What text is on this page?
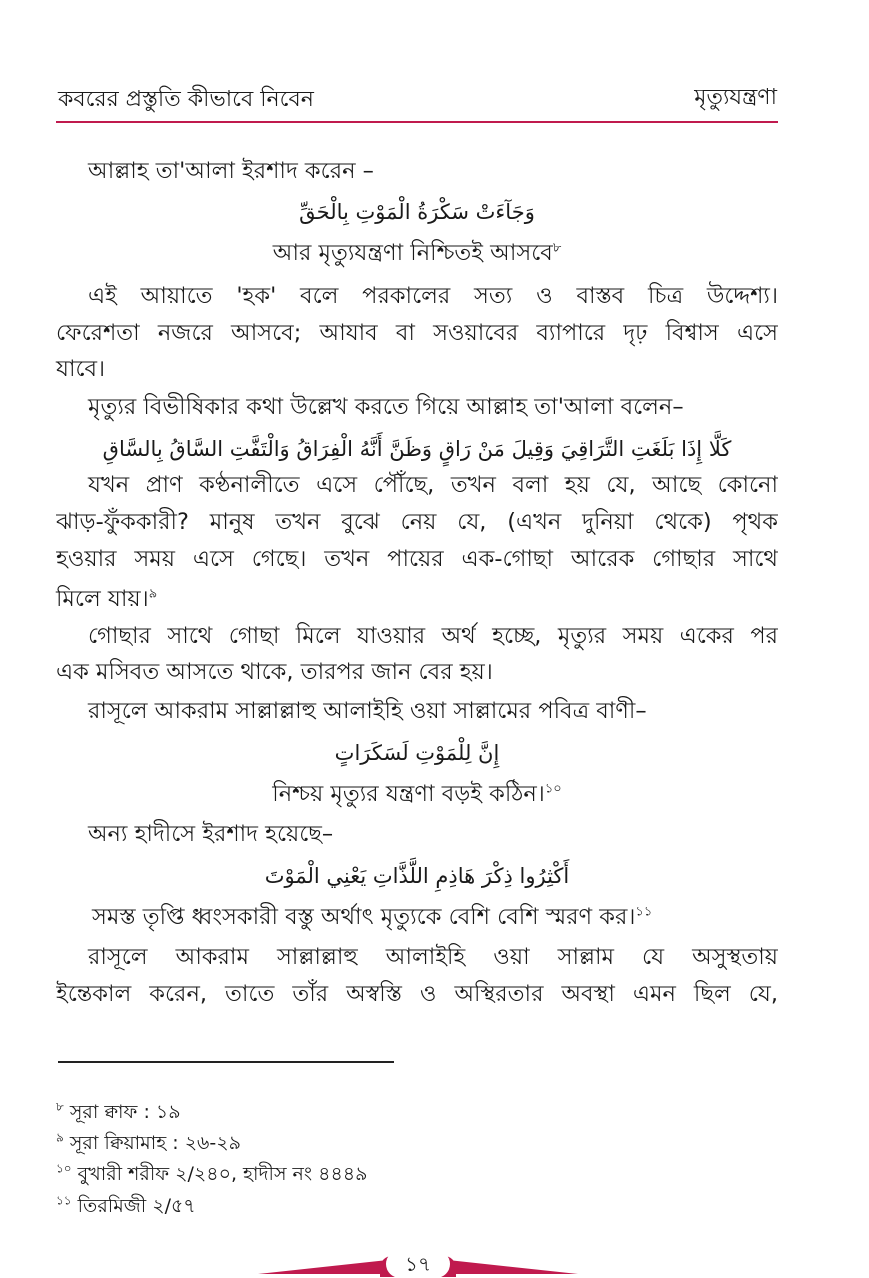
কবরের প্রস্তুতি কীভাবে নিবেন	মৃত্যুযন্ত্রণা
আল্লাহ তা'আলা ইরশাদ করেন –
وَجَآءَتْ سَكْرَةُ الْمَوْتِ بِالْحَقِّ
আর মৃত্যুযন্ত্রণা নিশ্চিতই আসবে$^৮$
এই আয়াতে 'হক' বলে পরকালের সত্য ও বাস্তব চিত্র উদ্দেশ্য।
ফেরেশতা নজরে আসবে; আযাব বা সওয়াবের ব্যাপারে দৃঢ় বিশ্বাস এসে
যাবে।
মৃত্যুর বিভীষিকার কথা উল্লেখ করতে গিয়ে আল্লাহ তা'আলা বলেন–
كَلَّا إِذَا بَلَغَتِ التَّرَاقِيَ وَقِيلَ مَنْ رَاقٍ وَظَنَّ أَنَّهُ الْفِرَاقُ وَالْتَفَّتِ السَّاقُ بِالسَّاقِ
যখন প্রাণ কণ্ঠনালীতে এসে পৌঁছে, তখন বলা হয় যে, আছে কোনো
ঝাড়-ফুঁককারী? মানুষ তখন বুঝে নেয় যে, (এখন দুনিয়া থেকে) পৃথক
হওয়ার সময় এসে গেছে। তখন পায়ের এক-গোছা আরেক গোছার সাথে
মিলে যায়।$^৯$
গোছার সাথে গোছা মিলে যাওয়ার অর্থ হচ্ছে, মৃত্যুর সময় একের পর
এক মসিবত আসতে থাকে, তারপর জান বের হয়।
রাসূলে আকরাম সাল্লাল্লাহু আলাইহি ওয়া সাল্লামের পবিত্র বাণী–
إِنَّ لِلْمَوْتِ لَسَكَرَاتٍ
নিশ্চয় মৃত্যুর যন্ত্রণা বড়ই কঠিন।$^{১০}$
অন্য হাদীসে ইরশাদ হয়েছে–
أَكْثِرُوا ذِكْرَ هَاذِمِ اللَّذَّاتِ يَعْنِي الْمَوْتَ
সমস্ত তৃপ্তি ধ্বংসকারী বস্তু অর্থাৎ মৃত্যুকে বেশি বেশি স্মরণ কর।$^{১১}$
রাসূলে আকরাম সাল্লাল্লাহু আলাইহি ওয়া সাল্লাম যে অসুস্থতায়
ইন্তেকাল করেন, তাতে তাঁর অস্বস্তি ও অস্থিরতার অবস্থা এমন ছিল যে,
$^৮$ সূরা ক্বাফ : ১৯
$^৯$ সূরা ক্বিয়ামাহ : ২৬-২৯
$^{১০}$ বুখারী শরীফ ২/২৪০, হাদীস নং ৪৪৪৯
$^{১১}$ তিরমিজী ২/৫৭
১৭
